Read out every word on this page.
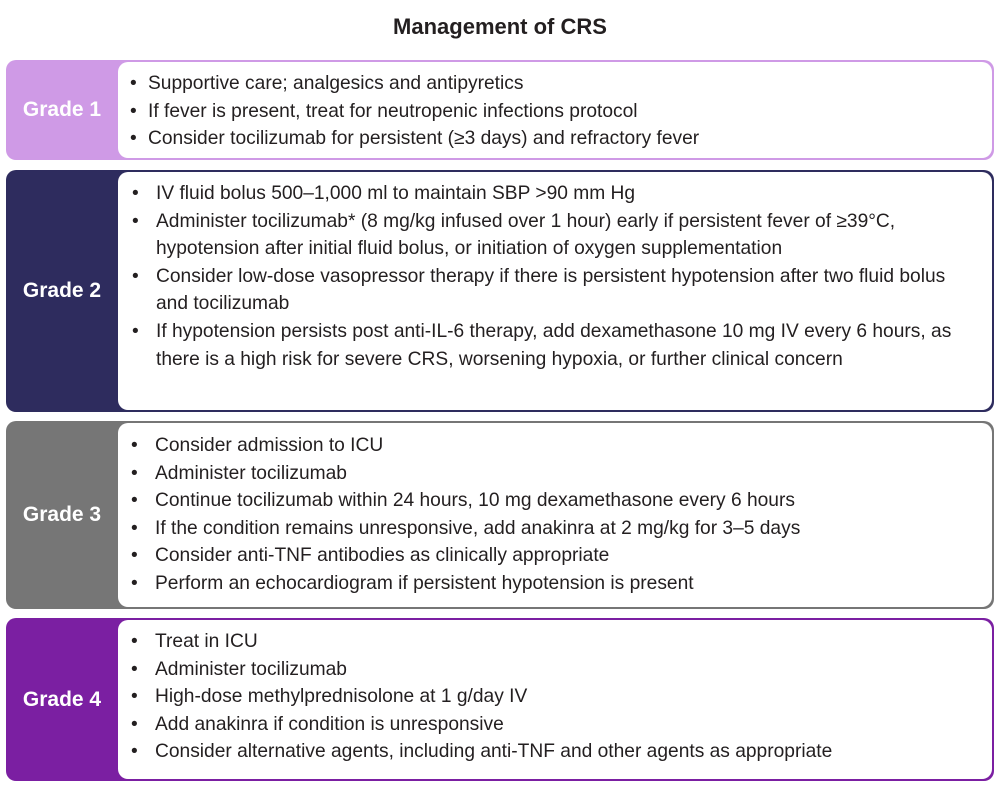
Management of CRS
Grade 1
• Supportive care; analgesics and antipyretics
• If fever is present, treat for neutropenic infections protocol
• Consider tocilizumab for persistent (≥3 days) and refractory fever
Grade 2
• IV fluid bolus 500–1,000 ml to maintain SBP >90 mm Hg
• Administer tocilizumab* (8 mg/kg infused over 1 hour) early if persistent fever of ≥39°C, hypotension after initial fluid bolus, or initiation of oxygen supplementation
• Consider low-dose vasopressor therapy if there is persistent hypotension after two fluid bolus and tocilizumab
• If hypotension persists post anti-IL-6 therapy, add dexamethasone 10 mg IV every 6 hours, as there is a high risk for severe CRS, worsening hypoxia, or further clinical concern
Grade 3
• Consider admission to ICU
• Administer tocilizumab
• Continue tocilizumab within 24 hours, 10 mg dexamethasone every 6 hours
• If the condition remains unresponsive, add anakinra at 2 mg/kg for 3–5 days
• Consider anti-TNF antibodies as clinically appropriate
• Perform an echocardiogram if persistent hypotension is present
Grade 4
• Treat in ICU
• Administer tocilizumab
• High-dose methylprednisolone at 1 g/day IV
• Add anakinra if condition is unresponsive
• Consider alternative agents, including anti-TNF and other agents as appropriate
